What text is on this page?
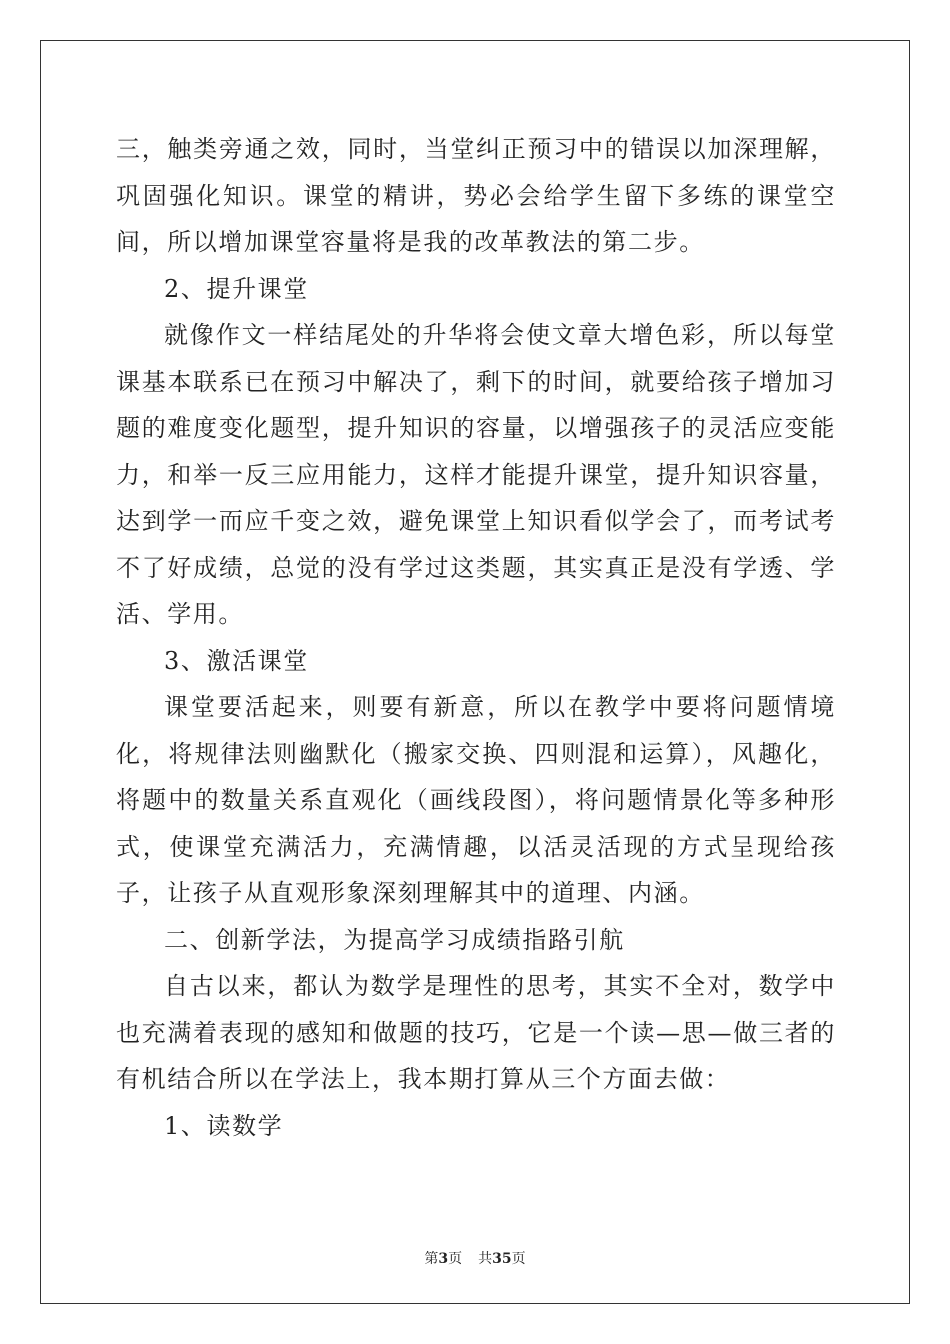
三，触类旁通之效，同时，当堂纠正预习中的错误以加深理解，巩固强化知识。课堂的精讲，势必会给学生留下多练的课堂空间，所以增加课堂容量将是我的改革教法的第二步。

2、提升课堂

就像作文一样结尾处的升华将会使文章大增色彩，所以每堂课基本联系已在预习中解决了，剩下的时间，就要给孩子增加习题的难度变化题型，提升知识的容量，以增强孩子的灵活应变能力，和举一反三应用能力，这样才能提升课堂，提升知识容量，达到学一而应千变之效，避免课堂上知识看似学会了，而考试考不了好成绩，总觉的没有学过这类题，其实真正是没有学透、学活、学用。

3、激活课堂

课堂要活起来，则要有新意，所以在教学中要将问题情境化，将规律法则幽默化（搬家交换、四则混和运算），风趣化，将题中的数量关系直观化（画线段图），将问题情景化等多种形式，使课堂充满活力，充满情趣，以活灵活现的方式呈现给孩子，让孩子从直观形象深刻理解其中的道理、内涵。

二、创新学法，为提高学习成绩指路引航

自古以来，都认为数学是理性的思考，其实不全对，数学中也充满着表现的感知和做题的技巧，它是一个读—思—做三者的有机结合所以在学法上，我本期打算从三个方面去做：

1、读数学

第3页 共35页
